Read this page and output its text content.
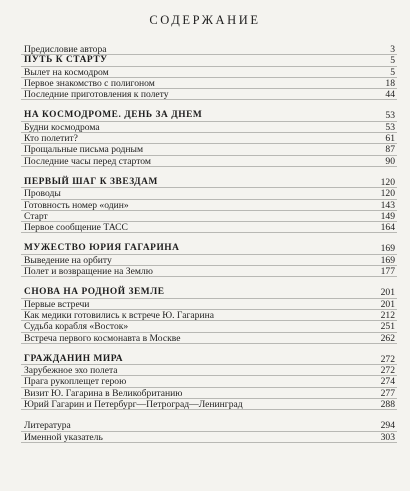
СОДЕРЖАНИЕ
Предисловие автора	3
ПУТЬ К СТАРТУ	5
Вылет на космодром	5
Первое знакомство с полигоном	18
Последние приготовления к полету	44
НА КОСМОДРОМЕ. ДЕНЬ ЗА ДНЕМ	53
Будни космодрома	53
Кто полетит?	61
Прощальные письма родным	87
Последние часы перед стартом	90
ПЕРВЫЙ ШАГ К ЗВЕЗДАМ	120
Проводы	120
Готовность номер «один»	143
Старт	149
Первое сообщение ТАСС	164
МУЖЕСТВО ЮРИЯ ГАГАРИНА	169
Выведение на орбиту	169
Полет и возвращение на Землю	177
СНОВА НА РОДНОЙ ЗЕМЛЕ	201
Первые встречи	201
Как медики готовились к встрече Ю. Гагарина	212
Судьба корабля «Восток»	251
Встреча первого космонавта в Москве	262
ГРАЖДАНИН МИРА	272
Зарубежное эхо полета	272
Прага рукоплещет герою	274
Визит Ю. Гагарина в Великобританию	277
Юрий Гагарин и Петербург—Петроград—Ленинград	288
Литература	294
Именной указатель	303
